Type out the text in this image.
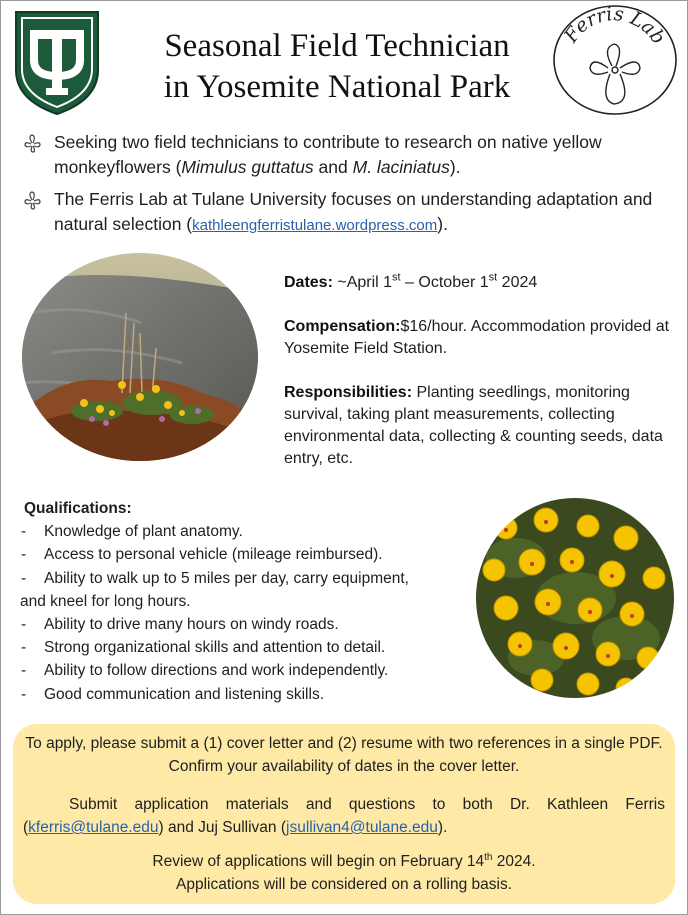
Ferris Lab
Seasonal Field Technician
in Yosemite National Park
Seeking two field technicians to contribute to research on native yellow monkeyflowers (Mimulus guttatus and M. laciniatus).
The Ferris Lab at Tulane University focuses on understanding adaptation and natural selection (kathleengferristulane.wordpress.com).
Dates: ~April 1st – October 1st 2024
Compensation:$16/hour. Accommodation provided at Yosemite Field Station.
Responsibilities: Planting seedlings, monitoring survival, taking plant measurements, collecting environmental data, collecting & counting seeds, data entry, etc.
Qualifications:
- Knowledge of plant anatomy.
- Access to personal vehicle (mileage reimbursed).
- Ability to walk up to 5 miles per day, carry equipment,
and kneel for long hours.
- Ability to drive many hours on windy roads.
- Strong organizational skills and attention to detail.
- Ability to follow directions and work independently.
- Good communication and listening skills.

To apply, please submit a (1) cover letter and (2) resume with two references in a single PDF. Confirm your availability of dates in the cover letter.

Submit application materials and questions to both Dr. Kathleen Ferris (kferris@tulane.edu) and Juj Sullivan (jsullivan4@tulane.edu).

Review of applications will begin on February 14th 2024.

Applications will be considered on a rolling basis.
